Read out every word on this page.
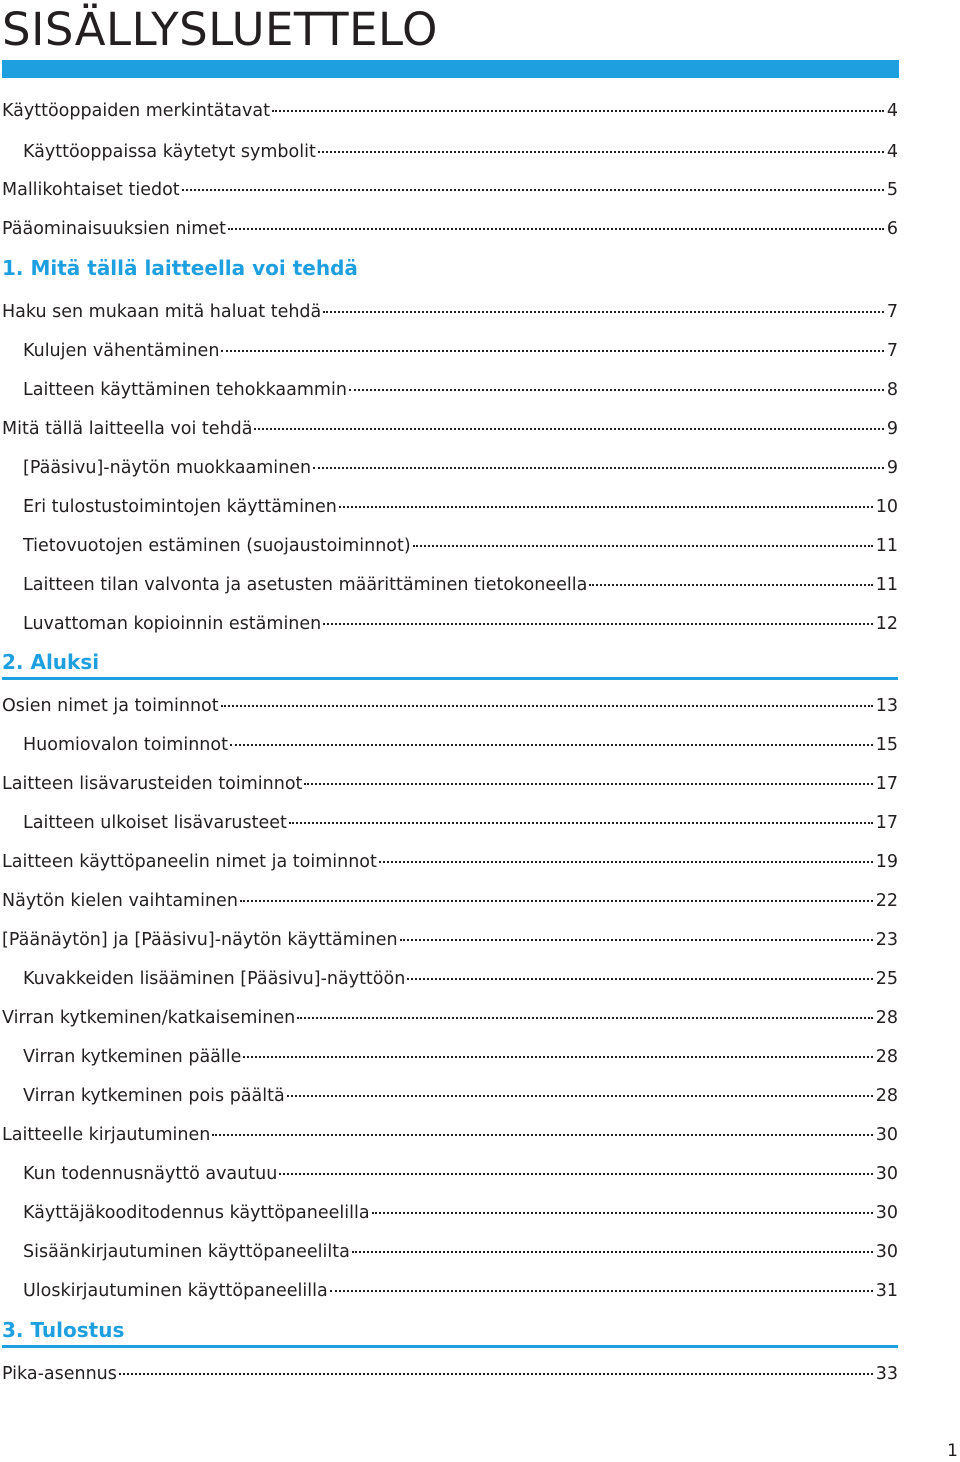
SISÄLLYSLUETTELO
Käyttöoppaiden merkintätavat	4
Käyttöoppaissa käytetyt symbolit	4
Mallikohtaiset tiedot	5
Pääominaisuuksien nimet	6
1. Mitä tällä laitteella voi tehdä
Haku sen mukaan mitä haluat tehdä	7
Kulujen vähentäminen	7
Laitteen käyttäminen tehokkaammin	8
Mitä tällä laitteella voi tehdä	9
[Pääsivu]-näytön muokkaaminen	9
Eri tulostustoimintojen käyttäminen	10
Tietovuotojen estäminen (suojaustoiminnot)	11
Laitteen tilan valvonta ja asetusten määrittäminen tietokoneella	11
Luvattoman kopioinnin estäminen	12
2. Aluksi
Osien nimet ja toiminnot	13
Huomiovalon toiminnot	15
Laitteen lisävarusteiden toiminnot	17
Laitteen ulkoiset lisävarusteet	17
Laitteen käyttöpaneelin nimet ja toiminnot	19
Näytön kielen vaihtaminen	22
[Päänäytön] ja [Pääsivu]-näytön käyttäminen	23
Kuvakkeiden lisääminen [Pääsivu]-näyttöön	25
Virran kytkeminen/katkaiseminen	28
Virran kytkeminen päälle	28
Virran kytkeminen pois päältä	28
Laitteelle kirjautuminen	30
Kun todennusnäyttö avautuu	30
Käyttäjäkooditodennus käyttöpaneelilla	30
Sisäänkirjautuminen käyttöpaneelilta	30
Uloskirjautuminen käyttöpaneelilla	31
3. Tulostus
Pika-asennus	33
1
